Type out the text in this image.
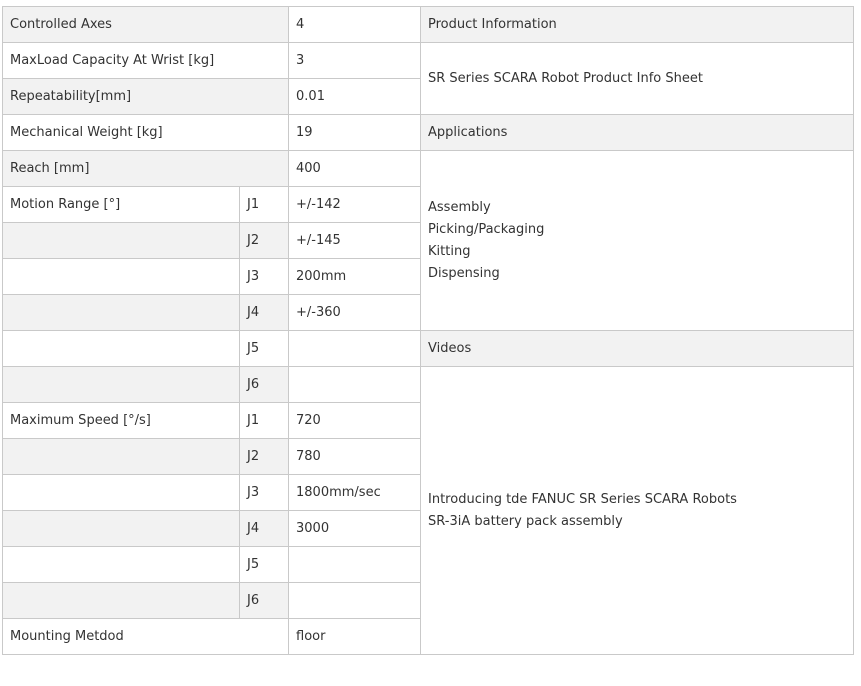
Controlled Axes		4	Product Information
MaxLoad Capacity At Wrist [kg]		3	SR Series SCARA Robot Product Info Sheet
Repeatability[mm]		0.01	
Mechanical Weight [kg]		19	Applications
Reach [mm]		400	Assembly
Picking/Packaging
Kitting
Dispensing

Motion Range [°]	J1	+/-142	
	J2	+/-145	
	J3	200mm	
	J4	+/-360	
	J5		Videos
	J6		Introducing tde FANUC SR Series SCARA Robots
SR-3iA battery pack assembly

Maximum Speed [°/s]	J1	720	
	J2	780	
	J3	1800mm/sec	
	J4	3000	
	J5		
	J6		
Mounting Metdod		floor	
